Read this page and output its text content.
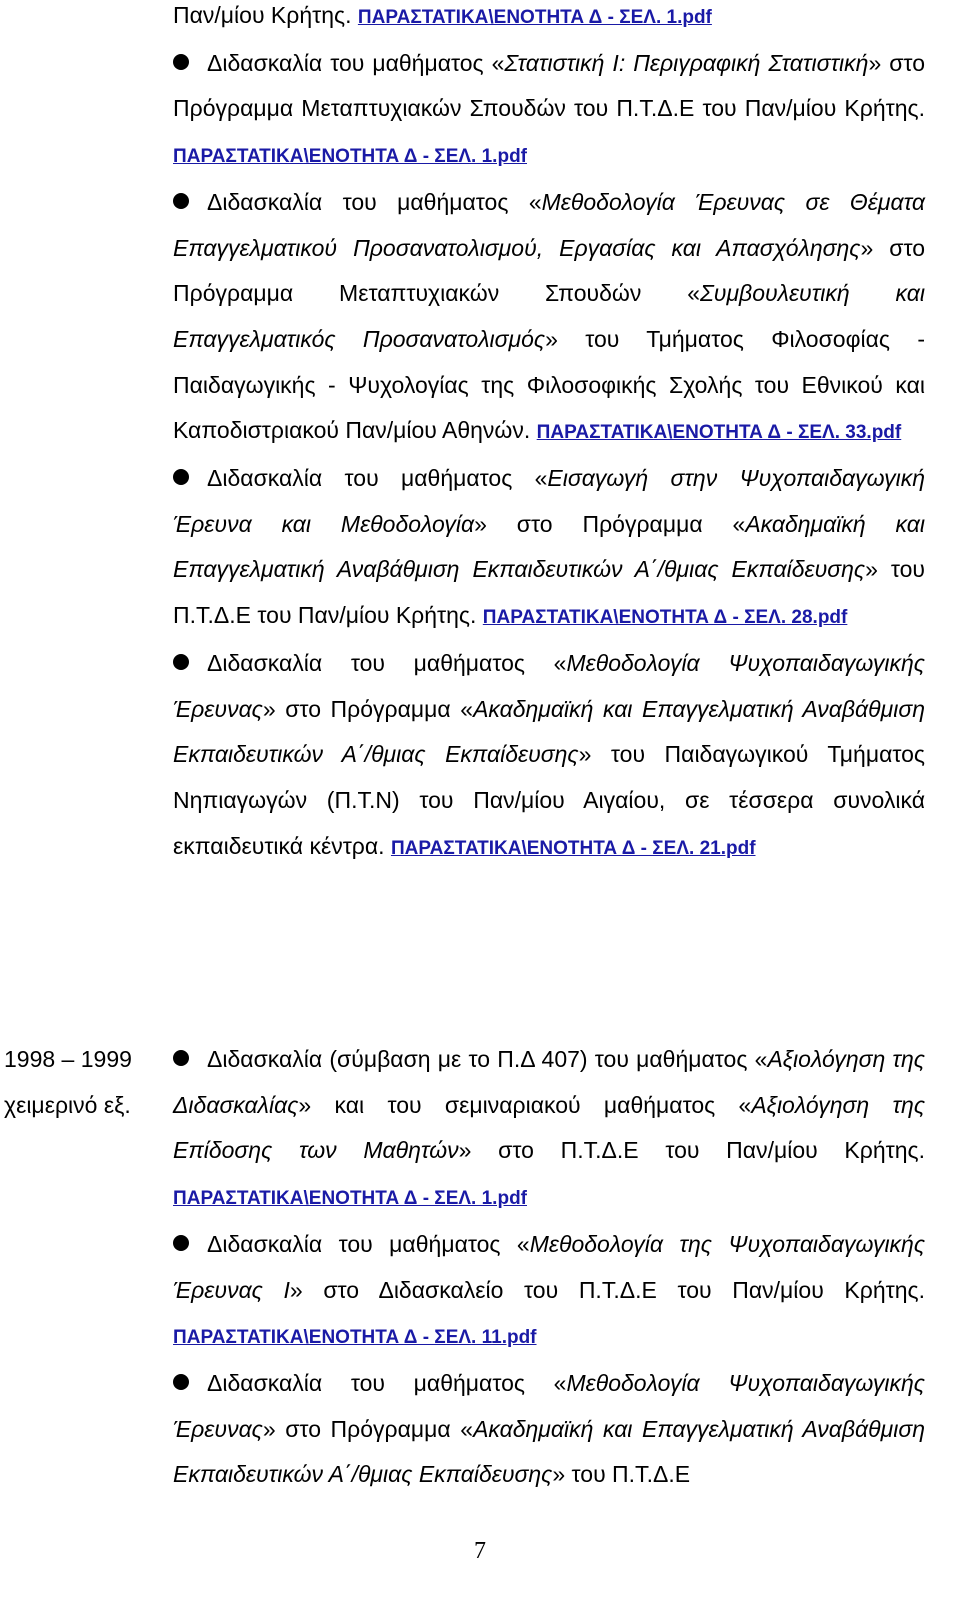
Παν/μίου Κρήτης. ΠΑΡΑΣΤΑΤΙΚΑ\ΕΝΟΤΗΤΑ Δ - ΣΕΛ. 1.pdf

Διδασκαλία του μαθήματος «Στατιστική Ι: Περιγραφική Στατιστική» στο Πρόγραμμα Μεταπτυχιακών Σπουδών του Π.Τ.Δ.Ε του Παν/μίου Κρήτης. ΠΑΡΑΣΤΑΤΙΚΑ\ΕΝΟΤΗΤΑ Δ - ΣΕΛ. 1.pdf

Διδασκαλία του μαθήματος «Μεθοδολογία Έρευνας σε Θέματα Επαγγελματικού Προσανατολισμού, Εργασίας και Απασχόλησης» στο Πρόγραμμα Μεταπτυχιακών Σπουδών «Συμβουλευτική και Επαγγελματικός Προσανατολισμός» του Τμήματος Φιλοσοφίας - Παιδαγωγικής - Ψυχολογίας της Φιλοσοφικής Σχολής του Εθνικού και Καποδιστριακού Παν/μίου Αθηνών. ΠΑΡΑΣΤΑΤΙΚΑ\ΕΝΟΤΗΤΑ Δ - ΣΕΛ. 33.pdf

Διδασκαλία του μαθήματος «Εισαγωγή στην Ψυχοπαιδαγωγική Έρευνα και Μεθοδολογία» στο Πρόγραμμα «Ακαδημαϊκή και Επαγγελματική Αναβάθμιση Εκπαιδευτικών Α΄/θμιας Εκπαίδευσης» του Π.Τ.Δ.Ε του Παν/μίου Κρήτης. ΠΑΡΑΣΤΑΤΙΚΑ\ΕΝΟΤΗΤΑ Δ - ΣΕΛ. 28.pdf

Διδασκαλία του μαθήματος «Μεθοδολογία Ψυχοπαιδαγωγικής Έρευνας» στο Πρόγραμμα «Ακαδημαϊκή και Επαγγελματική Αναβάθμιση Εκπαιδευτικών Α΄/θμιας Εκπαίδευσης» του Παιδαγωγικού Τμήματος Νηπιαγωγών (Π.Τ.Ν) του Παν/μίου Αιγαίου, σε τέσσερα συνολικά εκπαιδευτικά κέντρα. ΠΑΡΑΣΤΑΤΙΚΑ\ΕΝΟΤΗΤΑ Δ - ΣΕΛ. 21.pdf

1998 – 1999
χειμερινό εξ.

Διδασκαλία (σύμβαση με το Π.Δ 407) του μαθήματος «Αξιολόγηση της Διδασκαλίας» και του σεμιναριακού μαθήματος «Αξιολόγηση της Επίδοσης των Μαθητών» στο Π.Τ.Δ.Ε του Παν/μίου Κρήτης. ΠΑΡΑΣΤΑΤΙΚΑ\ΕΝΟΤΗΤΑ Δ - ΣΕΛ. 1.pdf

Διδασκαλία του μαθήματος «Μεθοδολογία της Ψυχοπαιδαγωγικής Έρευνας Ι» στο Διδασκαλείο του Π.Τ.Δ.Ε του Παν/μίου Κρήτης. ΠΑΡΑΣΤΑΤΙΚΑ\ΕΝΟΤΗΤΑ Δ - ΣΕΛ. 11.pdf

Διδασκαλία του μαθήματος «Μεθοδολογία Ψυχοπαιδαγωγικής Έρευνας» στο Πρόγραμμα «Ακαδημαϊκή και Επαγγελματική Αναβάθμιση Εκπαιδευτικών Α΄/θμιας Εκπαίδευσης» του Π.Τ.Δ.Ε

7
